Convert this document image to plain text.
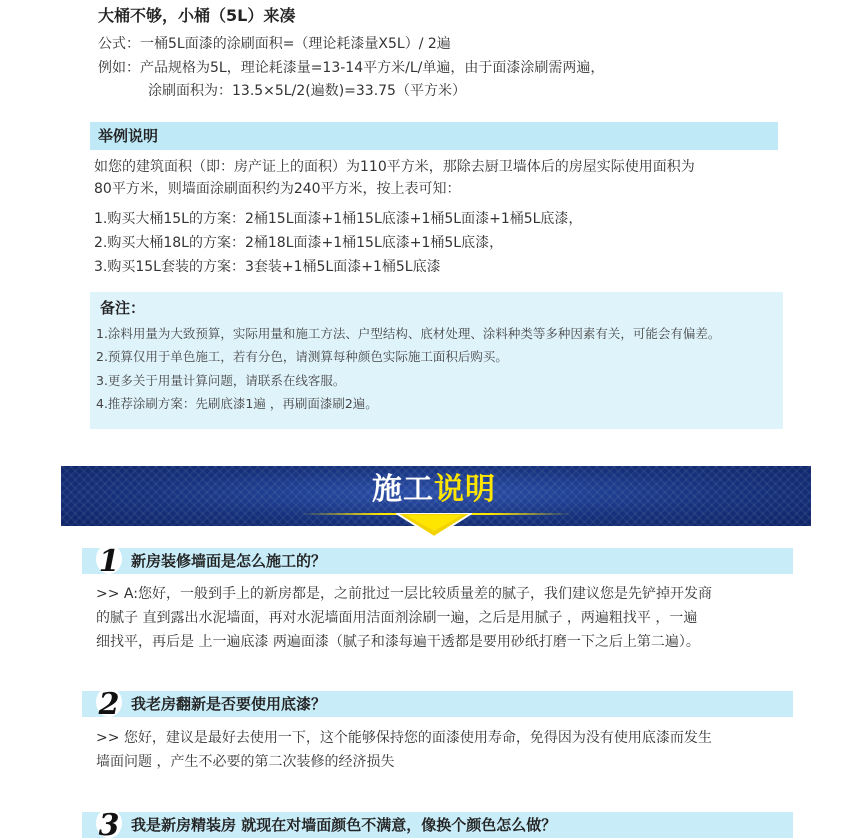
大桶不够，小桶（5L）来凑
公式：一桶5L面漆的涂刷面积=（理论耗漆量X5L）/ 2遍
例如：产品规格为5L，理论耗漆量=13-14平方米/L/单遍，由于面漆涂刷需两遍，
涂刷面积为：13.5×5L/2(遍数)=33.75（平方米）
举例说明
如您的建筑面积（即：房产证上的面积）为110平方米，那除去厨卫墙体后的房屋实际使用面积为
80平方米，则墙面涂刷面积约为240平方米，按上表可知：
1.购买大桶15L的方案：2桶15L面漆+1桶15L底漆+1桶5L面漆+1桶5L底漆，
2.购买大桶18L的方案：2桶18L面漆+1桶15L底漆+1桶5L底漆，
3.购买15L套装的方案：3套装+1桶5L面漆+1桶5L底漆
备注：
1.涂料用量为大致预算，实际用量和施工方法、户型结构、底材处理、涂料种类等多种因素有关，可能会有偏差。
2.预算仅用于单色施工，若有分色，请测算每种颜色实际施工面积后购买。
3.更多关于用量计算问题，请联系在线客服。
4.推荐涂刷方案：先刷底漆1遍 ，再刷面漆刷2遍。
施工说明
1 新房装修墙面是怎么施工的？
>> A:您好，一般到手上的新房都是，之前批过一层比较质量差的腻子，我们建议您是先铲掉开发商
的腻子 直到露出水泥墙面，再对水泥墙面用洁面剂涂刷一遍，之后是用腻子 ，两遍粗找平 ，一遍
细找平，再后是 上一遍底漆 两遍面漆（腻子和漆每遍干透都是要用砂纸打磨一下之后上第二遍）。
2 我老房翻新是否要使用底漆？
>> 您好，建议是最好去使用一下，这个能够保持您的面漆使用寿命，免得因为没有使用底漆而发生
墙面问题 ，产生不必要的第二次装修的经济损失
3 我是新房精装房 就现在对墙面颜色不满意，像换个颜色怎么做？
